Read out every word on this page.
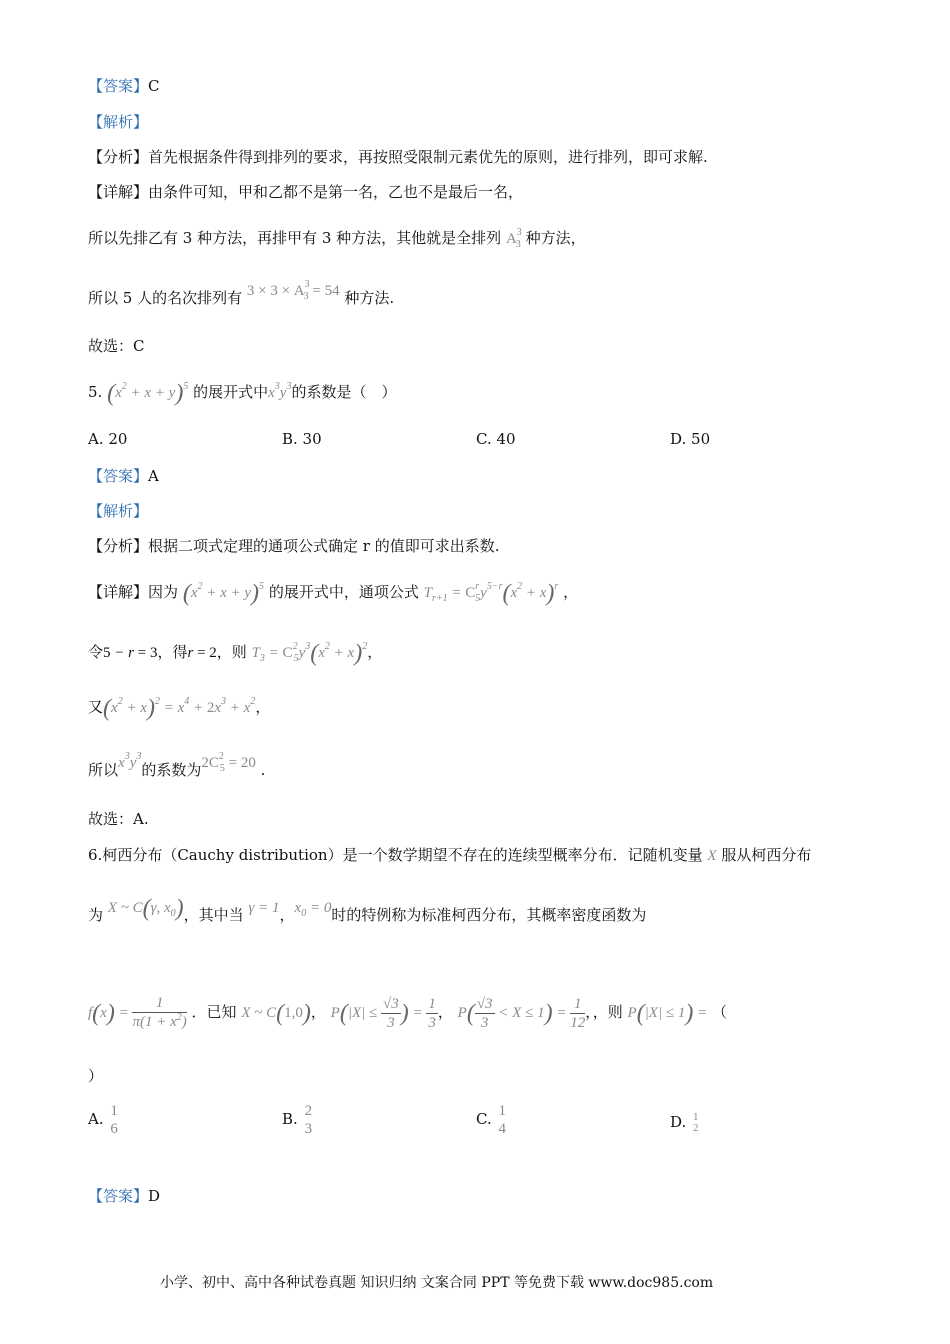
【答案】C
【解析】
【分析】首先根据条件得到排列的要求，再按照受限制元素优先的原则，进行排列，即可求解.
【详解】由条件可知，甲和乙都不是第一名，乙也不是最后一名，
所以先排乙有 3 种方法，再排甲有 3 种方法，其他就是全排列 $A^3_3$ 种方法，
所以 5 人的名次排列有 $3 \times 3 \times A^3_3 = 54$ 种方法.
故选：C
5. $(x^2 + x + y)^5$ 的展开式中$x^3y^3$的系数是（　）
A. 20	B. 30	C. 40	D. 50
【答案】A
【解析】
【分析】根据二项式定理的通项公式确定 r 的值即可求出系数.
【详解】因为 $(x^2 + x + y)^5$ 的展开式中，通项公式 $T_{r+1} = C^r_5y^{5-r}(x^2 + x)^r$ ，
令5 − r = 3，得r = 2，则 $T_3 = C^2_5y^3(x^2 + x)^2$，
又$(x^2 + x)^2 = x^4 + 2x^3 + x^2$，
所以$x^3y^3$的系数为$2C^2_5 = 20$ .
故选：A.
6.柯西分布（Cauchy distribution）是一个数学期望不存在的连续型概率分布．记随机变量 X 服从柯西分布
为 X ~ C(γ, $x_0$)，其中当 γ = 1，$x_0 = 0$时的特例称为标准柯西分布，其概率密度函数为
$f(x) = \frac{1}{\pi(1 + x^2)}$ ．已知 X ~ C(1,0)， $P(|X| \le \frac{√3}{3}$ ) = $\frac{1}{3}$ ， $P( \frac{√3}{3} < X \le 1) = \frac{1}{12}$ ，，则 P(|X| ≤ 1) = （
）
A. 1
6
B. 2
3
C. 1
4	D. 1
2
【答案】D
小学、初中、高中各种试卷真题 知识归纳 文案合同 PPT 等免费下载 www.doc985.com
